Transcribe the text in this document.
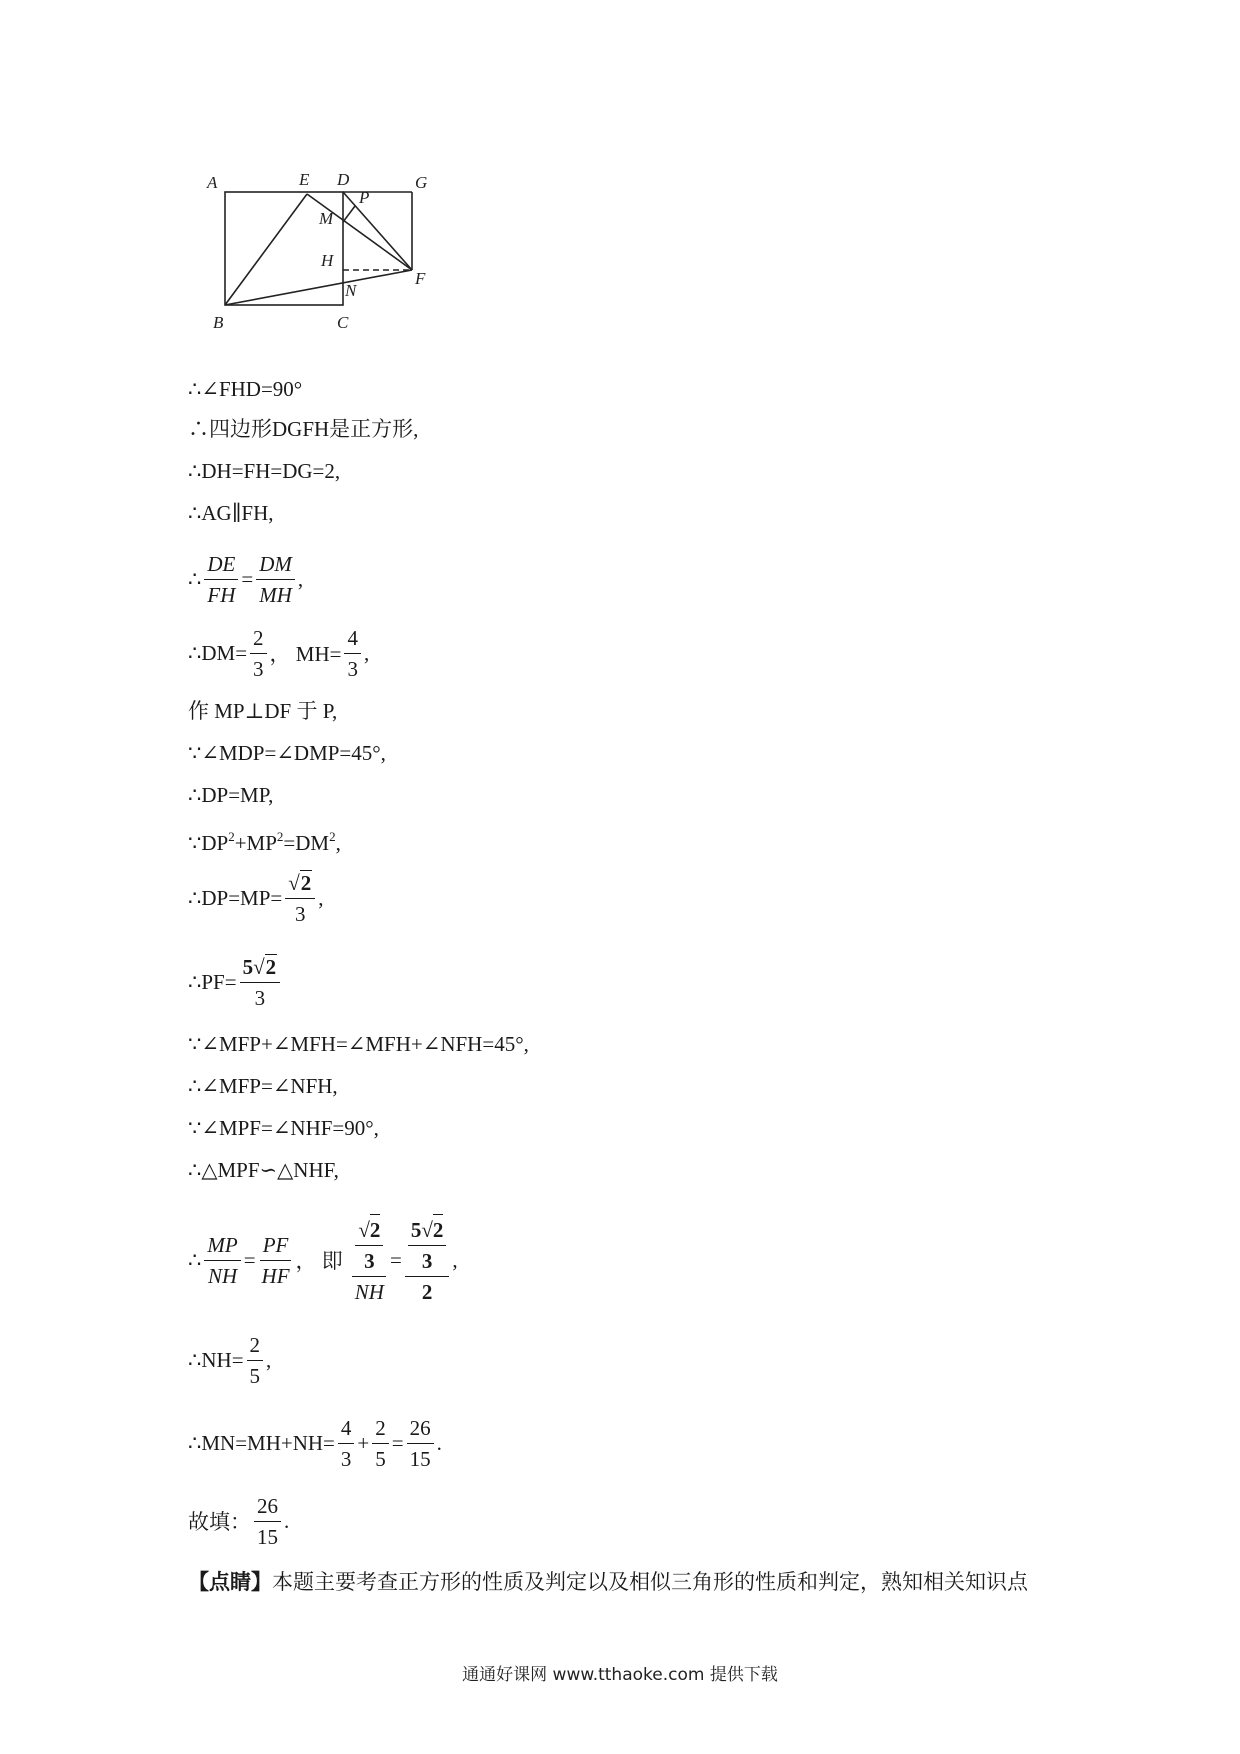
A	E D	G
P
M
H
F
N
B	C
∴∠FHD=90°
∴四边形DGFH是正方形,
∴DH=FH=DG=2,
∴AG∥FH,
∴ $\frac{DE}{FH} = \frac{DM}{MH}$ ,
∴DM= $\frac{2}{3}$ ， $MH= \frac{4}{3}$ ,
作 MP⊥DF 于 P,
∵∠MDP=∠DMP=45°,
∴DP=MP,
$\because DP^2+MP^2=DM^2$,
∴DP=MP= $\frac{√2}{3}$ ,
∴PF= $\frac{5√2}{3}$
∵∠MFP+∠MFH=∠MFH+∠NFH=45°,
∴∠MFP=∠NFH,
∵∠MPF=∠NHF=90°,
∴△MPF∽△NHF,
∴ $\frac{MP}{NH} = \frac{PF}{HF}$ ， 即 $\frac{\frac{√2}{3}}{NH} = \frac{\frac{5√2}{3}}{2}$ ,
∴NH= $\frac{2}{5}$ ,
∴MN=MH+NH= $\frac{4}{3} + \frac{2}{5} = \frac{26}{15}$ .
故填： $\frac{26}{15}$ .
【点睛】本题主要考查正方形的性质及判定以及相似三角形的性质和判定，熟知相关知识点
通通好课网 www.tthaoke.com 提供下载
